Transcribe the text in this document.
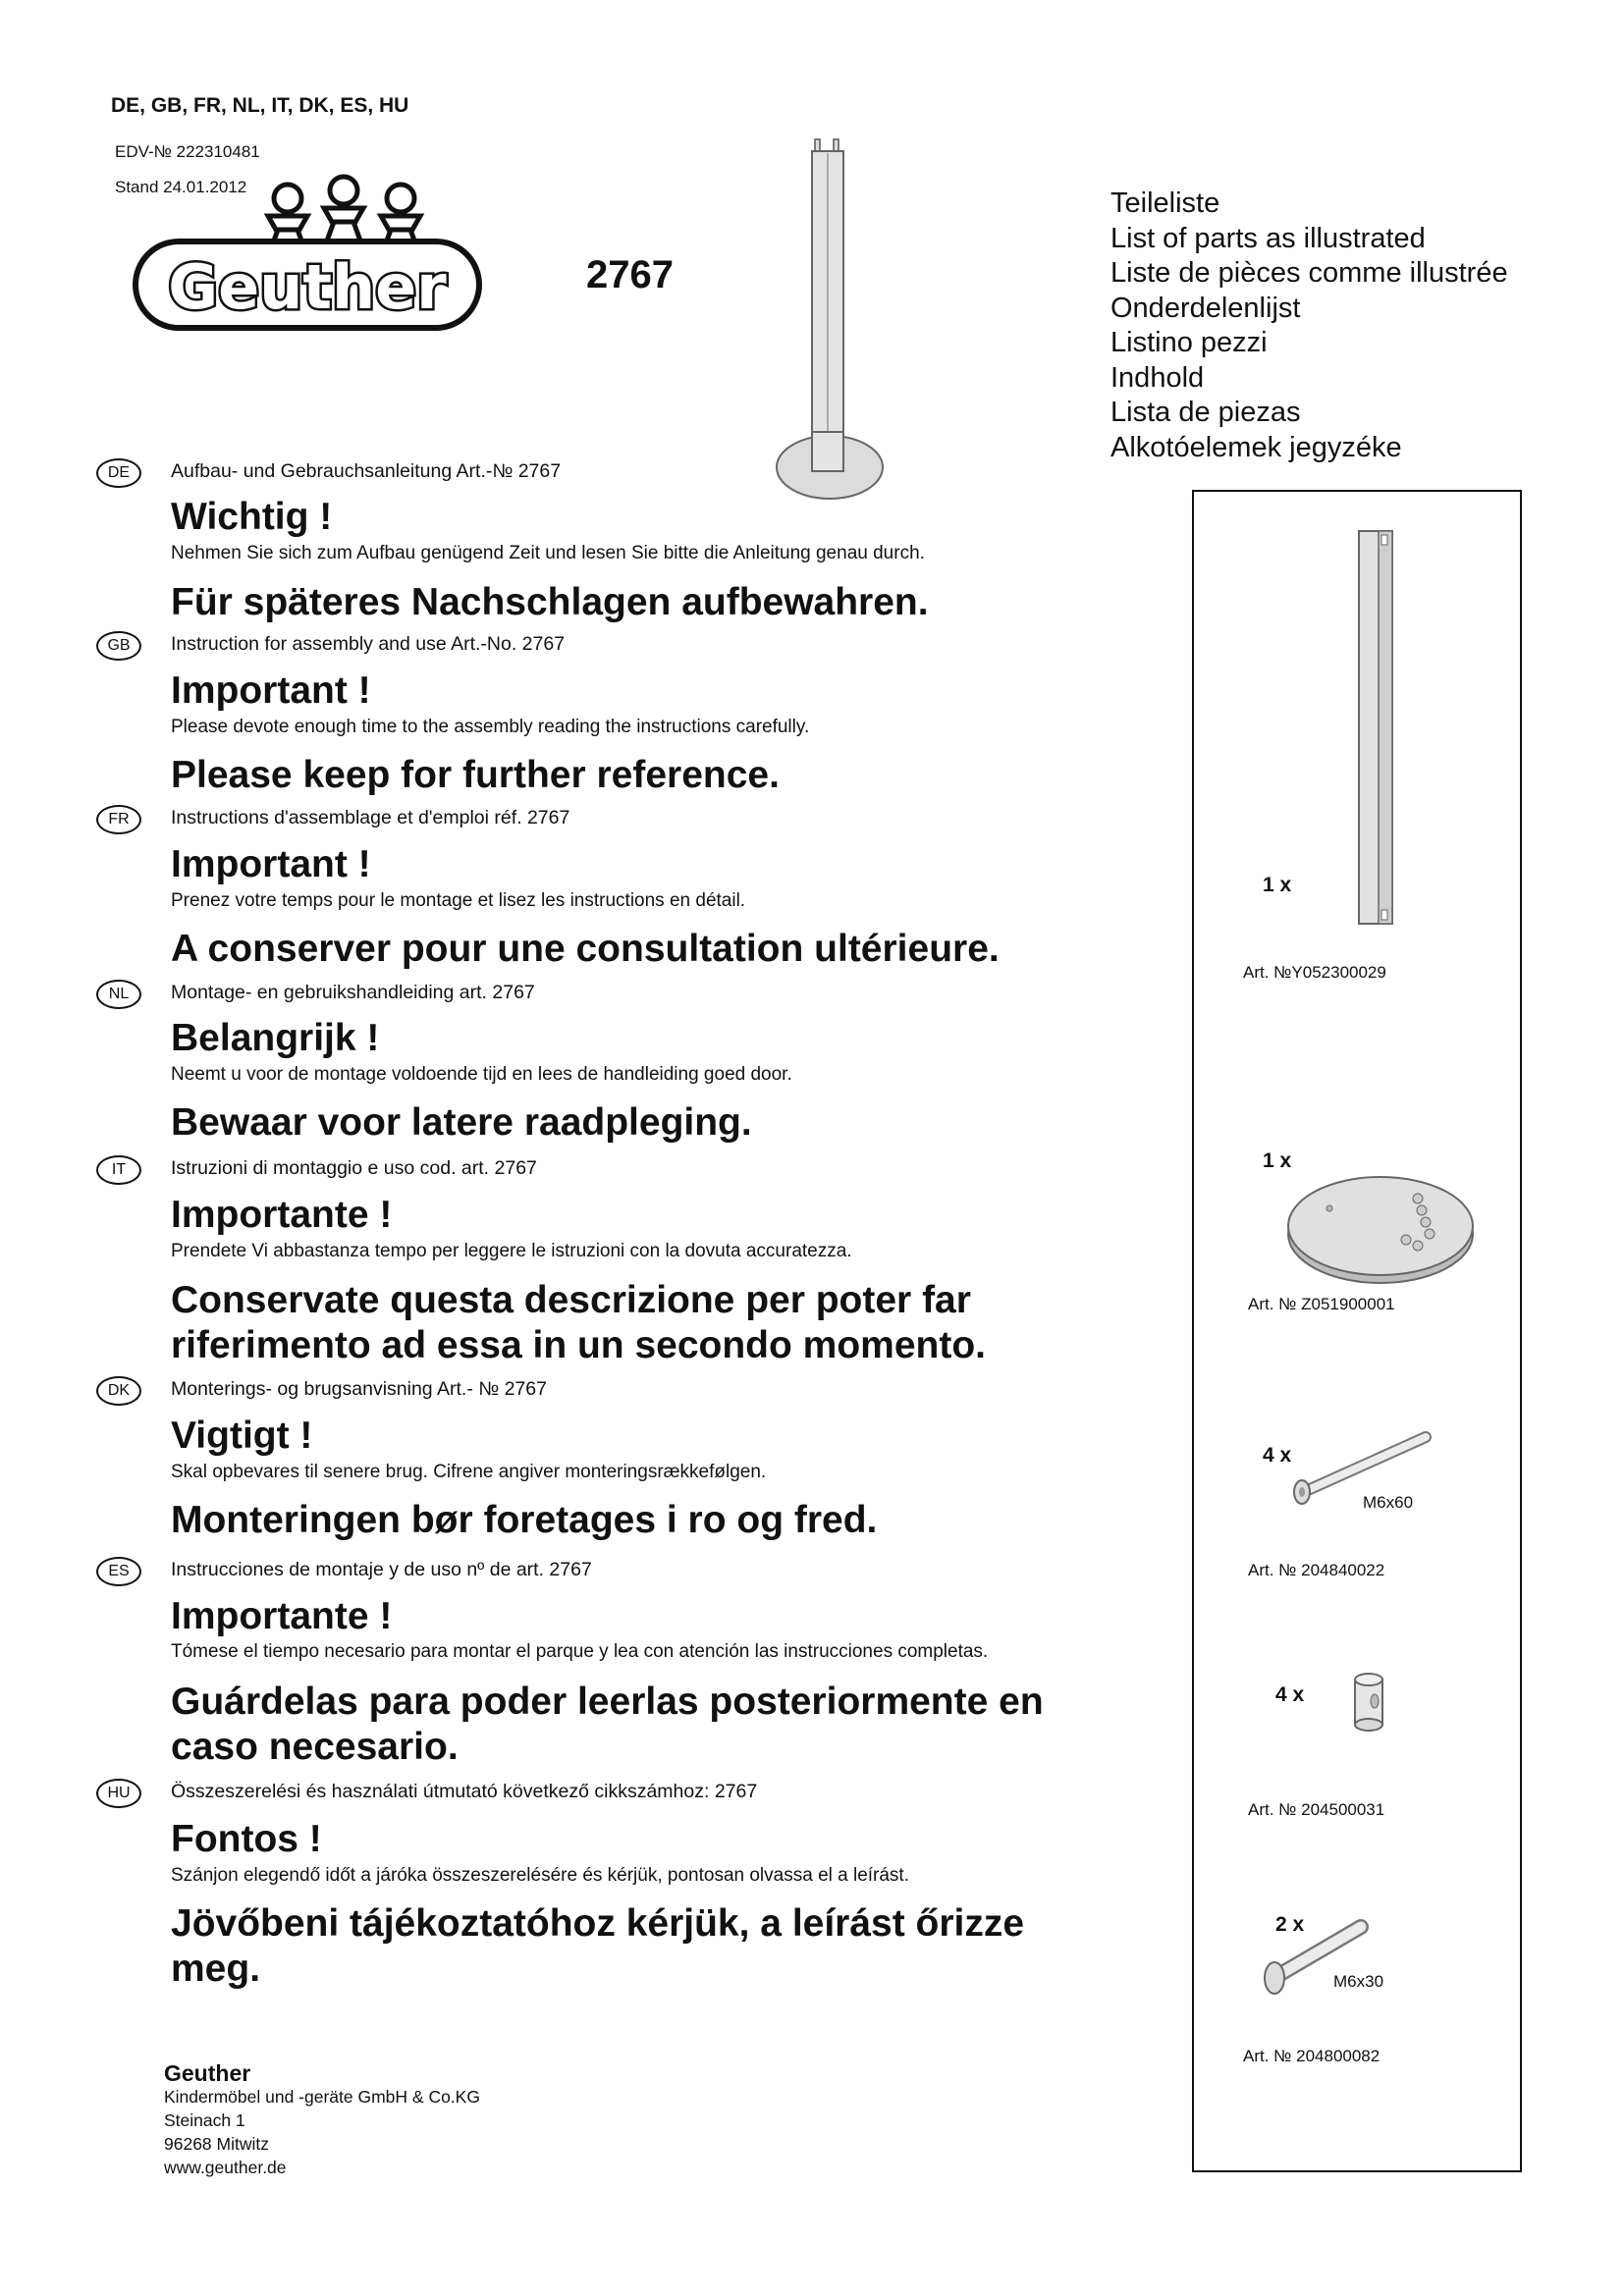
DE, GB, FR, NL, IT, DK, ES, HU
EDV-№ 222310481
Stand 24.01.2012
Geuther	2767
Teileliste
List of parts as illustrated
Liste de pièces comme illustrée
Onderdelenlijst
Listino pezzi
Indhold
Lista de piezas
Alkotóelemek jegyzéke
DE	Aufbau- und Gebrauchsanleitung Art.-№ 2767
Wichtig !
Nehmen Sie sich zum Aufbau genügend Zeit und lesen Sie bitte die Anleitung genau durch.
Für späteres Nachschlagen aufbewahren.
GB	Instruction for assembly and use Art.-No. 2767
Important !
Please devote enough time to the assembly reading the instructions carefully.
Please keep for further reference.
FR	Instructions d'assemblage et d'emploi réf. 2767
Important !
Prenez votre temps pour le montage et lisez les instructions en détail.
A conserver pour une consultation ultérieure.
NL	Montage- en gebruikshandleiding art. 2767
Belangrijk !
Neemt u voor de montage voldoende tijd en lees de handleiding goed door.
Bewaar voor latere raadpleging.
IT	Istruzioni di montaggio e uso cod. art. 2767
Importante !
Prendete Vi abbastanza tempo per leggere le istruzioni con la dovuta accuratezza.
Conservate questa descrizione per poter far
riferimento ad essa in un secondo momento.
DK	Monterings- og brugsanvisning Art.- № 2767
Vigtigt !
Skal opbevares til senere brug. Cifrene angiver monteringsrækkefølgen.
Monteringen bør foretages i ro og fred.
ES	Instrucciones de montaje y de uso nº de art. 2767
Importante !
Tómese el tiempo necesario para montar el parque y lea con atención las instrucciones completas.
Guárdelas para poder leerlas posteriormente en
caso necesario.
HU	Összeszerelési és használati útmutató következő cikkszámhoz: 2767
Fontos !
Szánjon elegendő időt a járóka összeszerelésére és kérjük, pontosan olvassa el a leírást.
Jövőbeni tájékoztatóhoz kérjük, a leírást őrizze
meg.
Geuther
Kindermöbel und -geräte GmbH & Co.KG
Steinach 1
96268 Mitwitz
www.geuther.de
1 x
Art. №Y052300029
1 x
Art. № Z051900001
4 x
M6x60
Art. № 204840022
4 x
Art. № 204500031
2 x
M6x30
Art. № 204800082
